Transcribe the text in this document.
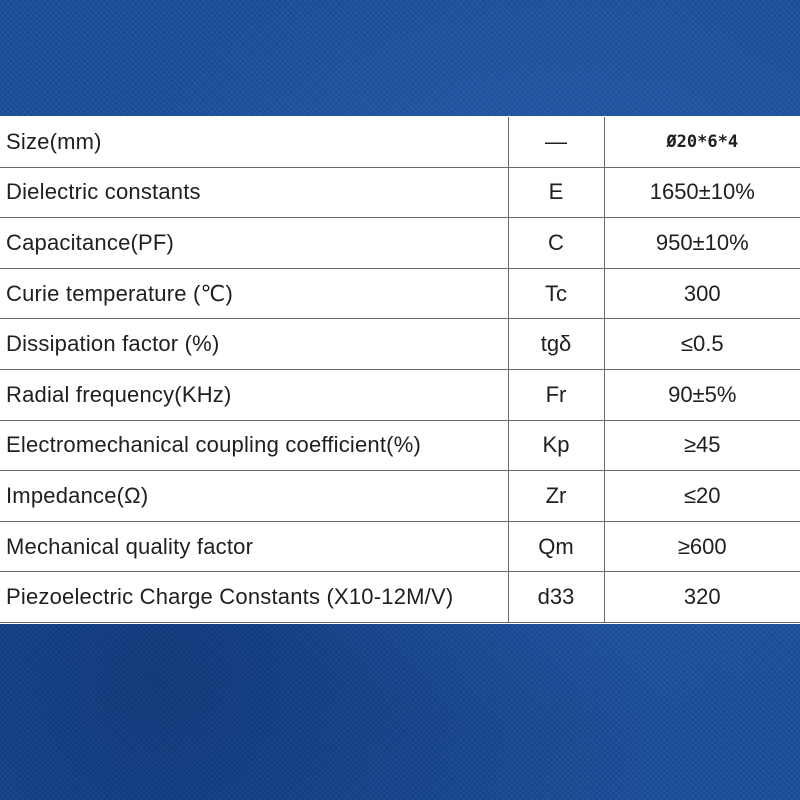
Size(mm)	—	Ø20*6*4
Dielectric constants	E	1650±10%
Capacitance(PF)	C	950±10%
Curie temperature (℃)	Tc	300
Dissipation factor (%)	tgδ	≤0.5
Radial frequency(KHz)	Fr	90±5%
Electromechanical coupling coefficient(%)	Kp	≥45
Impedance(Ω)	Zr	≤20
Mechanical quality factor	Qm	≥600
Piezoelectric Charge Constants (X10-12M/V)	d33	320
